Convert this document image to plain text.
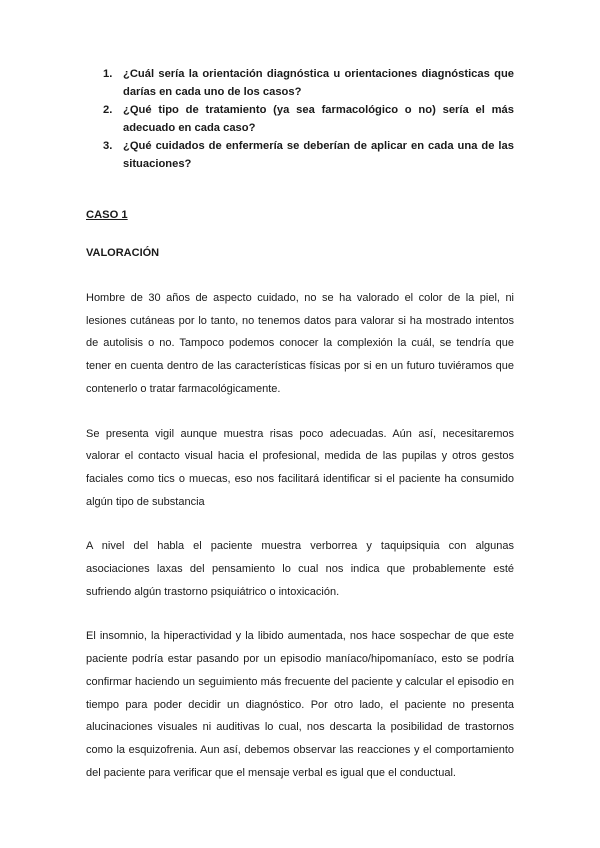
¿Cuál sería la orientación diagnóstica u orientaciones diagnósticas que darías en cada uno de los casos?
¿Qué tipo de tratamiento (ya sea farmacológico o no) sería el más adecuado en cada caso?
¿Qué cuidados de enfermería se deberían de aplicar en cada una de las situaciones?
CASO 1
VALORACIÓN

Hombre de 30 años de aspecto cuidado, no se ha valorado el color de la piel, ni lesiones cutáneas por lo tanto, no tenemos datos para valorar si ha mostrado intentos de autolisis o no. Tampoco podemos conocer la complexión la cuál, se tendría que tener en cuenta dentro de las características físicas por si en un futuro tuviéramos que contenerlo o tratar farmacológicamente.

Se presenta vigil aunque muestra risas poco adecuadas. Aún así, necesitaremos valorar el contacto visual hacia el profesional, medida de las pupilas y otros gestos faciales como tics o muecas, eso nos facilitará identificar si el paciente ha consumido algún tipo de substancia

A nivel del habla el paciente muestra verborrea y taquipsiquia con algunas asociaciones laxas del pensamiento lo cual nos indica que probablemente esté sufriendo algún trastorno psiquiátrico o intoxicación.

El insomnio, la hiperactividad y la libido aumentada, nos hace sospechar de que este paciente podría estar pasando por un episodio maníaco/hipomaníaco, esto se podría confirmar haciendo un seguimiento más frecuente del paciente y calcular el episodio en tiempo para poder decidir un diagnóstico. Por otro lado, el paciente no presenta alucinaciones visuales ni auditivas lo cual, nos descarta la posibilidad de trastornos como la esquizofrenia. Aun así, debemos observar las reacciones y el comportamiento del paciente para verificar que el mensaje verbal es igual que el conductual.
